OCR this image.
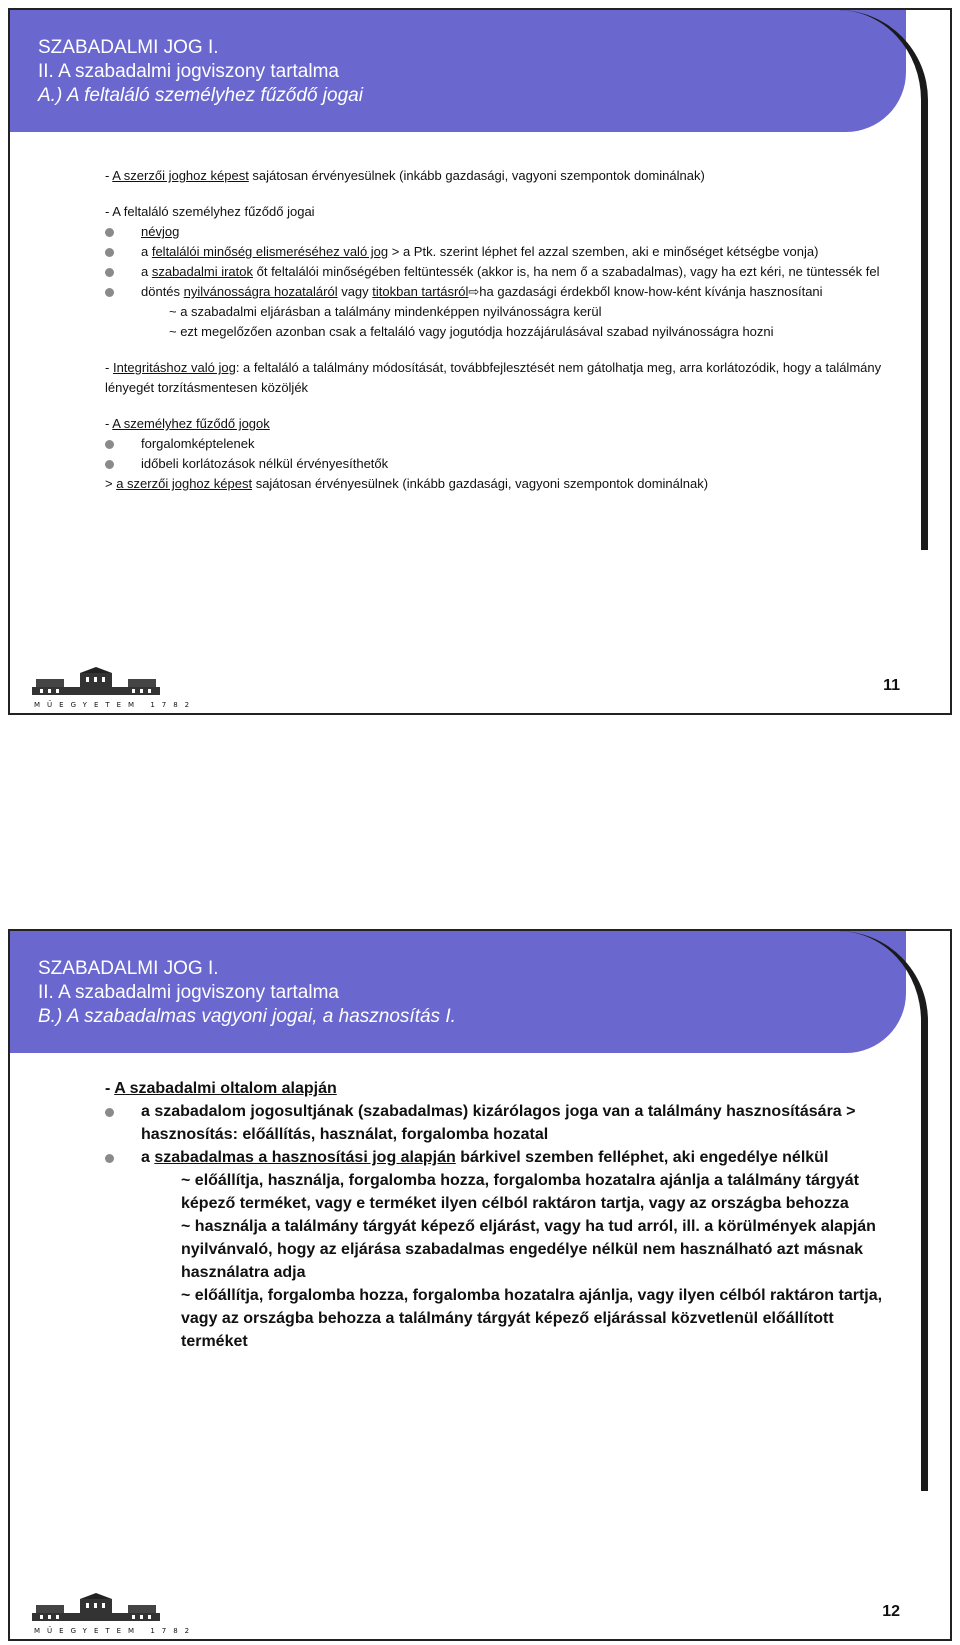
SZABADALMI JOG I.
II. A szabadalmi jogviszony tartalma
A.) A feltaláló személyhez fűződő jogai
- A szerzői joghoz képest sajátosan érvényesülnek (inkább gazdasági, vagyoni szempontok dominálnak)
- A feltaláló személyhez fűződő jogai
névjog
a feltalálói minőség elismeréséhez való jog > a Ptk. szerint léphet fel azzal szemben, aki e minőséget kétségbe vonja)
a szabadalmi iratok őt feltalálói minőségében feltüntessék (akkor is, ha nem ő a szabadalmas), vagy ha ezt kéri, ne tüntessék fel
döntés nyilvánosságra hozataláról vagy titokban tartásról⇨ha gazdasági érdekből know-how-ként kívánja hasznosítani
~ a szabadalmi eljárásban a találmány mindenképpen nyilvánosságra kerül
~ ezt megelőzően azonban csak a feltaláló vagy jogutódja hozzájárulásával szabad nyilvánosságra hozni
- Integritáshoz való jog: a feltaláló a találmány módosítását, továbbfejlesztését nem gátolhatja meg, arra korlátozódik, hogy a találmány lényegét torzításmentesen közöljék
- A személyhez fűződő jogok
forgalomképtelenek
időbeli korlátozások nélkül érvényesíthetők
> a szerzői joghoz képest sajátosan érvényesülnek (inkább gazdasági, vagyoni szempontok dominálnak)
MŰEGYETEM 1782
11
SZABADALMI JOG I.
II. A szabadalmi jogviszony tartalma
B.) A szabadalmas vagyoni jogai, a hasznosítás I.
- A szabadalmi oltalom alapján
a szabadalom jogosultjának (szabadalmas) kizárólagos joga van a találmány hasznosítására > hasznosítás: előállítás, használat, forgalomba hozatal
a szabadalmas a hasznosítási jog alapján bárkivel szemben felléphet, aki engedélye nélkül
~ előállítja, használja, forgalomba hozza, forgalomba hozatalra ajánlja a találmány tárgyát képező terméket, vagy e terméket ilyen célból raktáron tartja, vagy az országba behozza
~ használja a találmány tárgyát képező eljárást, vagy ha tud arról, ill. a körülmények alapján nyilvánvaló, hogy az eljárása szabadalmas engedélye nélkül nem használható azt másnak használatra adja
~ előállítja, forgalomba hozza, forgalomba hozatalra ajánlja, vagy ilyen célból raktáron tartja, vagy az országba behozza a találmány tárgyát képező eljárással közvetlenül előállított terméket
MŰEGYETEM 1782
12
